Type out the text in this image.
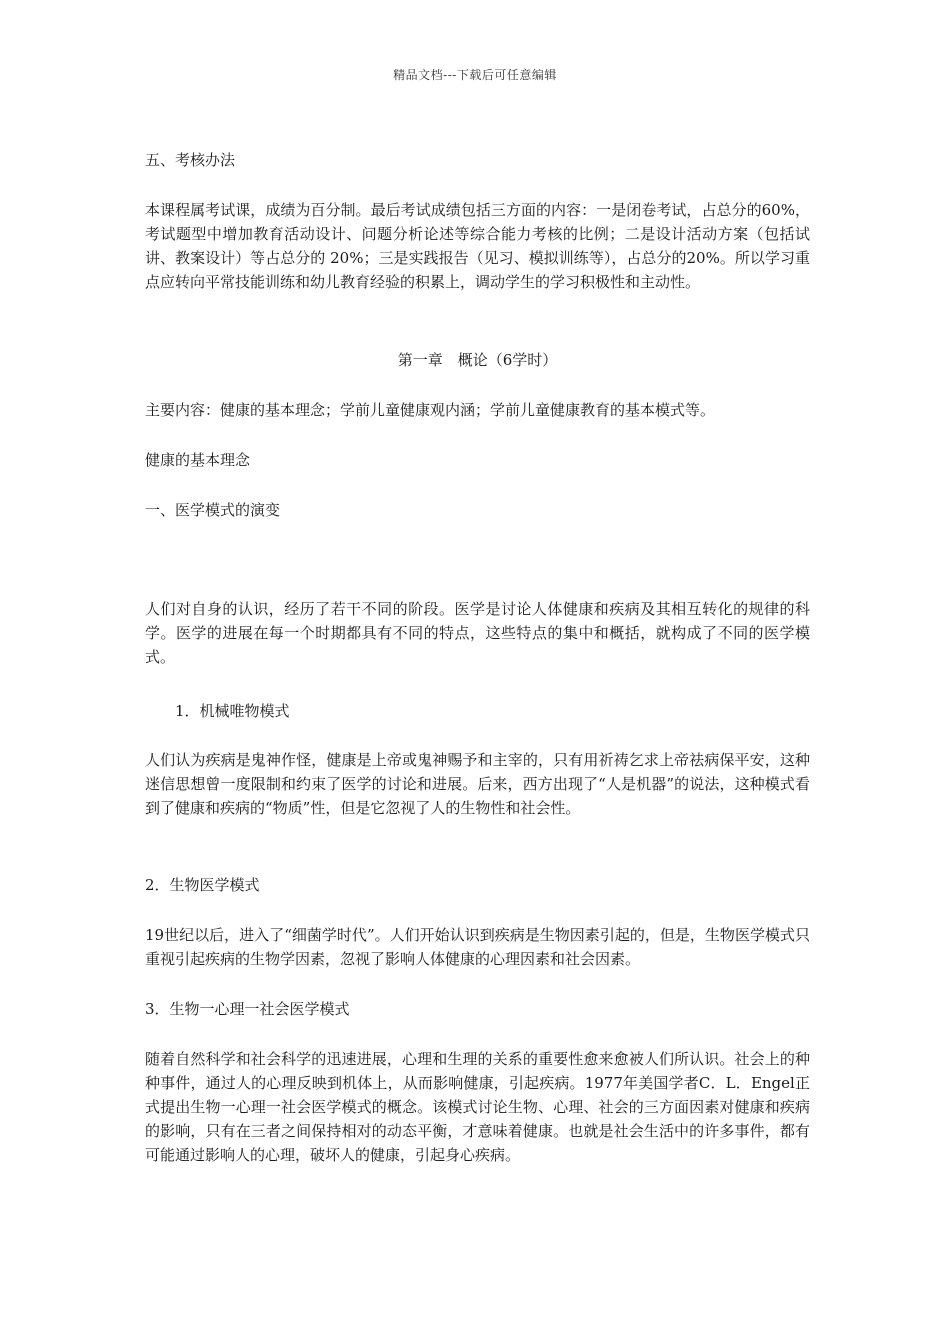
精品文档---下载后可任意编辑

五、考核办法

本课程属考试课，成绩为百分制。最后考试成绩包括三方面的内容：一是闭卷考试，占总分的60%，考试题型中增加教育活动设计、问题分析论述等综合能力考核的比例；二是设计活动方案（包括试讲、教案设计）等占总分的 20%；三是实践报告（见习、模拟训练等），占总分的20%。所以学习重点应转向平常技能训练和幼儿教育经验的积累上，调动学生的学习积极性和主动性。

第一章　概论（6学时）

主要内容：健康的基本理念；学前儿童健康观内涵；学前儿童健康教育的基本模式等。

健康的基本理念

一、医学模式的演变

人们对自身的认识，经历了若干不同的阶段。医学是讨论人体健康和疾病及其相互转化的规律的科学。医学的进展在每一个时期都具有不同的特点，这些特点的集中和概括，就构成了不同的医学模式。

1．机械唯物模式

人们认为疾病是鬼神作怪，健康是上帝或鬼神赐予和主宰的，只有用祈祷乞求上帝祛病保平安，这种迷信思想曾一度限制和约束了医学的讨论和进展。后来，西方出现了“人是机器”的说法，这种模式看到了健康和疾病的“物质”性，但是它忽视了人的生物性和社会性。

2．生物医学模式

19世纪以后，进入了“细菌学时代”。人们开始认识到疾病是生物因素引起的，但是，生物医学模式只重视引起疾病的生物学因素，忽视了影响人体健康的心理因素和社会因素。

3．生物一心理一社会医学模式

随着自然科学和社会科学的迅速进展，心理和生理的关系的重要性愈来愈被人们所认识。社会上的种种事件，通过人的心理反映到机体上，从而影响健康，引起疾病。1977年美国学者C．L．Engel正式提出生物一心理一社会医学模式的概念。该模式讨论生物、心理、社会的三方面因素对健康和疾病的影响，只有在三者之间保持相对的动态平衡，才意味着健康。也就是社会生活中的许多事件，都有可能通过影响人的心理，破坏人的健康，引起身心疾病。
